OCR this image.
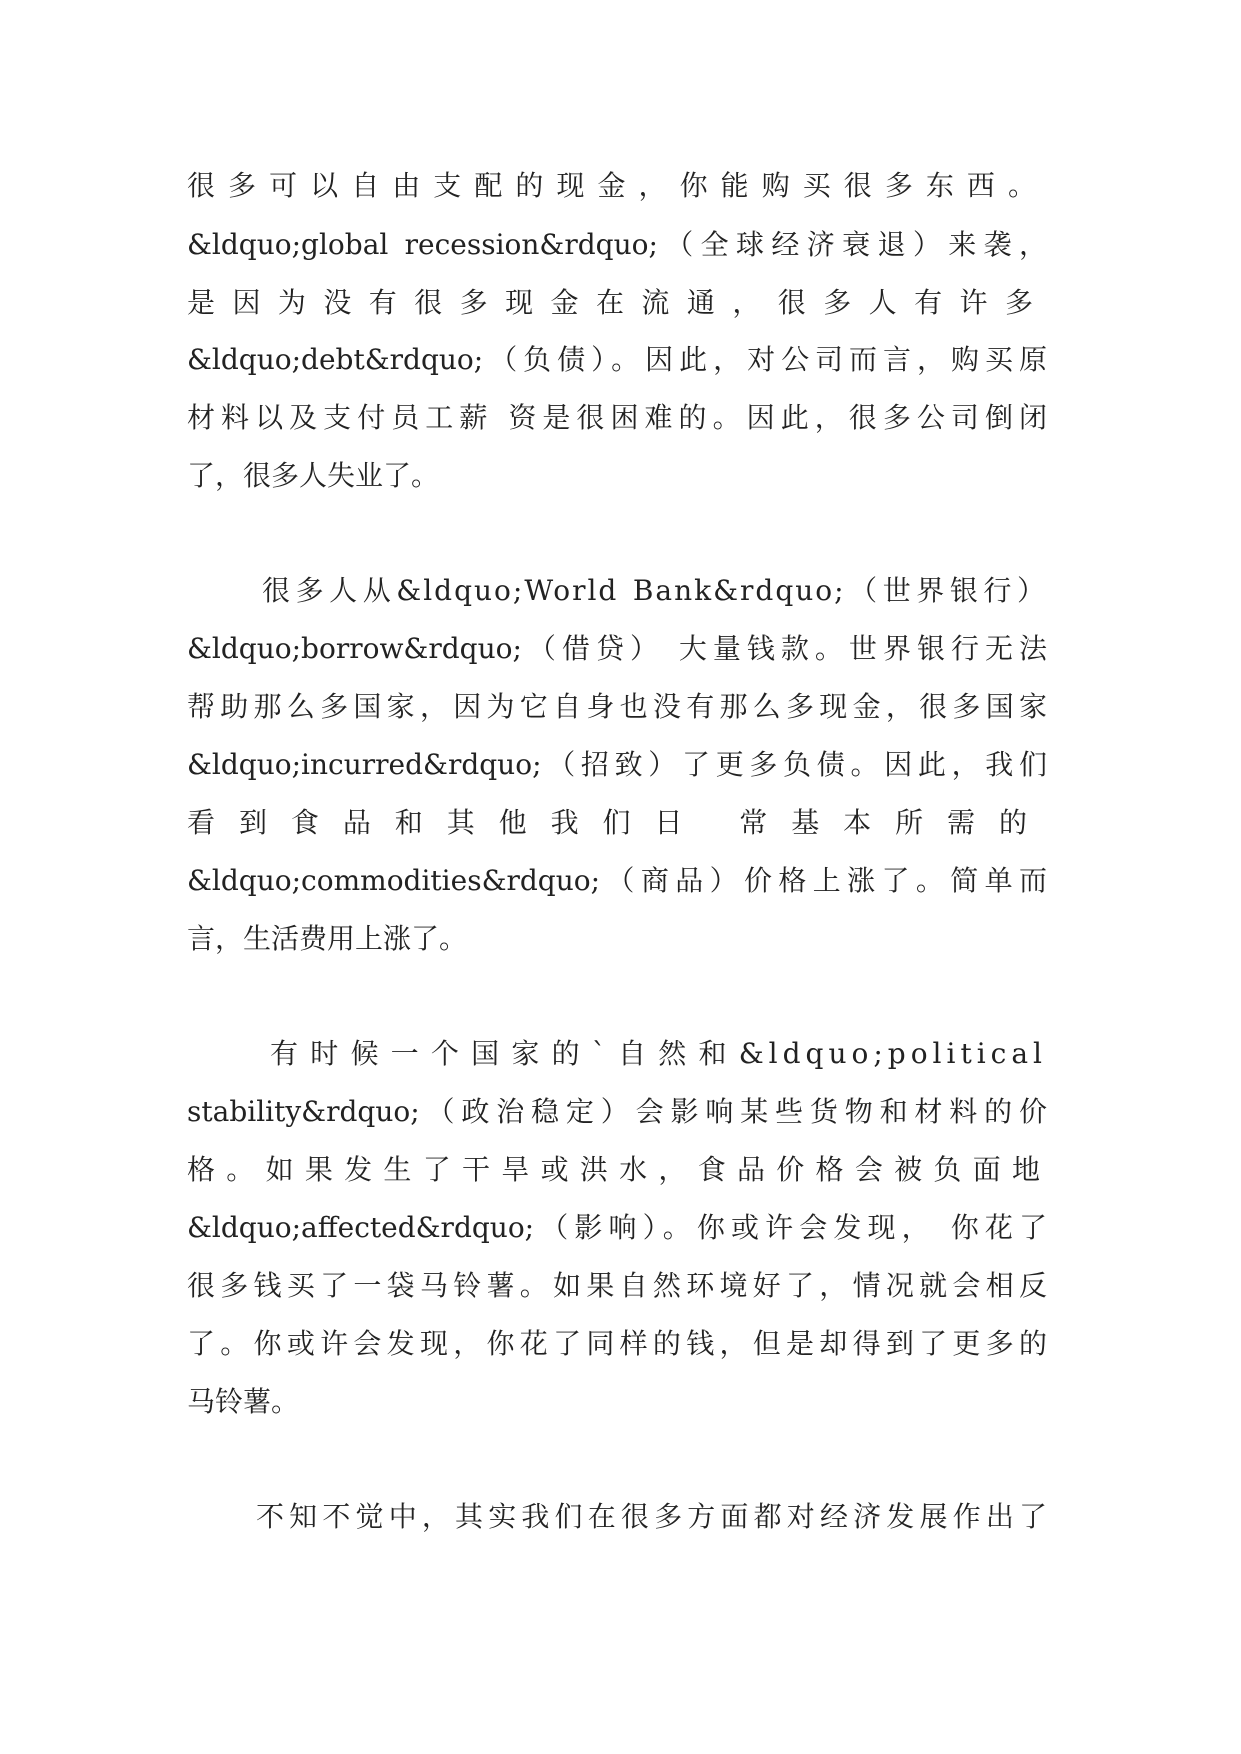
很多可以自由支配的现金，你能购买很多东西。
&ldquo;global recession&rdquo;（全球经济衰退）来袭，
是因为没有很多现金在流通，很多人有许多
&ldquo;debt&rdquo;（负债）。因此，对公司而言，购买原
材料以及支付员工薪 资是很困难的。因此，很多公司倒闭
了，很多人失业了。
很多人从&ldquo;World Bank&rdquo;（世界银行）
&ldquo;borrow&rdquo;（借贷） 大量钱款。世界银行无法
帮助那么多国家，因为它自身也没有那么多现金，很多国家
&ldquo;incurred&rdquo;（招致）了更多负债。因此，我们
看到食品和其他我们日 常基本所需的
&ldquo;commodities&rdquo;（商品）价格上涨了。简单而
言，生活费用上涨了。
有时候一个国家的`自然和&ldquo;political
stability&rdquo;（政治稳定）会影响某些货物和材料的价
格。如果发生了干旱或洪水，食品价格会被负面地
&ldquo;affected&rdquo;（影响）。你或许会发现， 你花了
很多钱买了一袋马铃薯。如果自然环境好了，情况就会相反
了。你或许会发现，你花了同样的钱，但是却得到了更多的
马铃薯。
不知不觉中，其实我们在很多方面都对经济发展作出了
